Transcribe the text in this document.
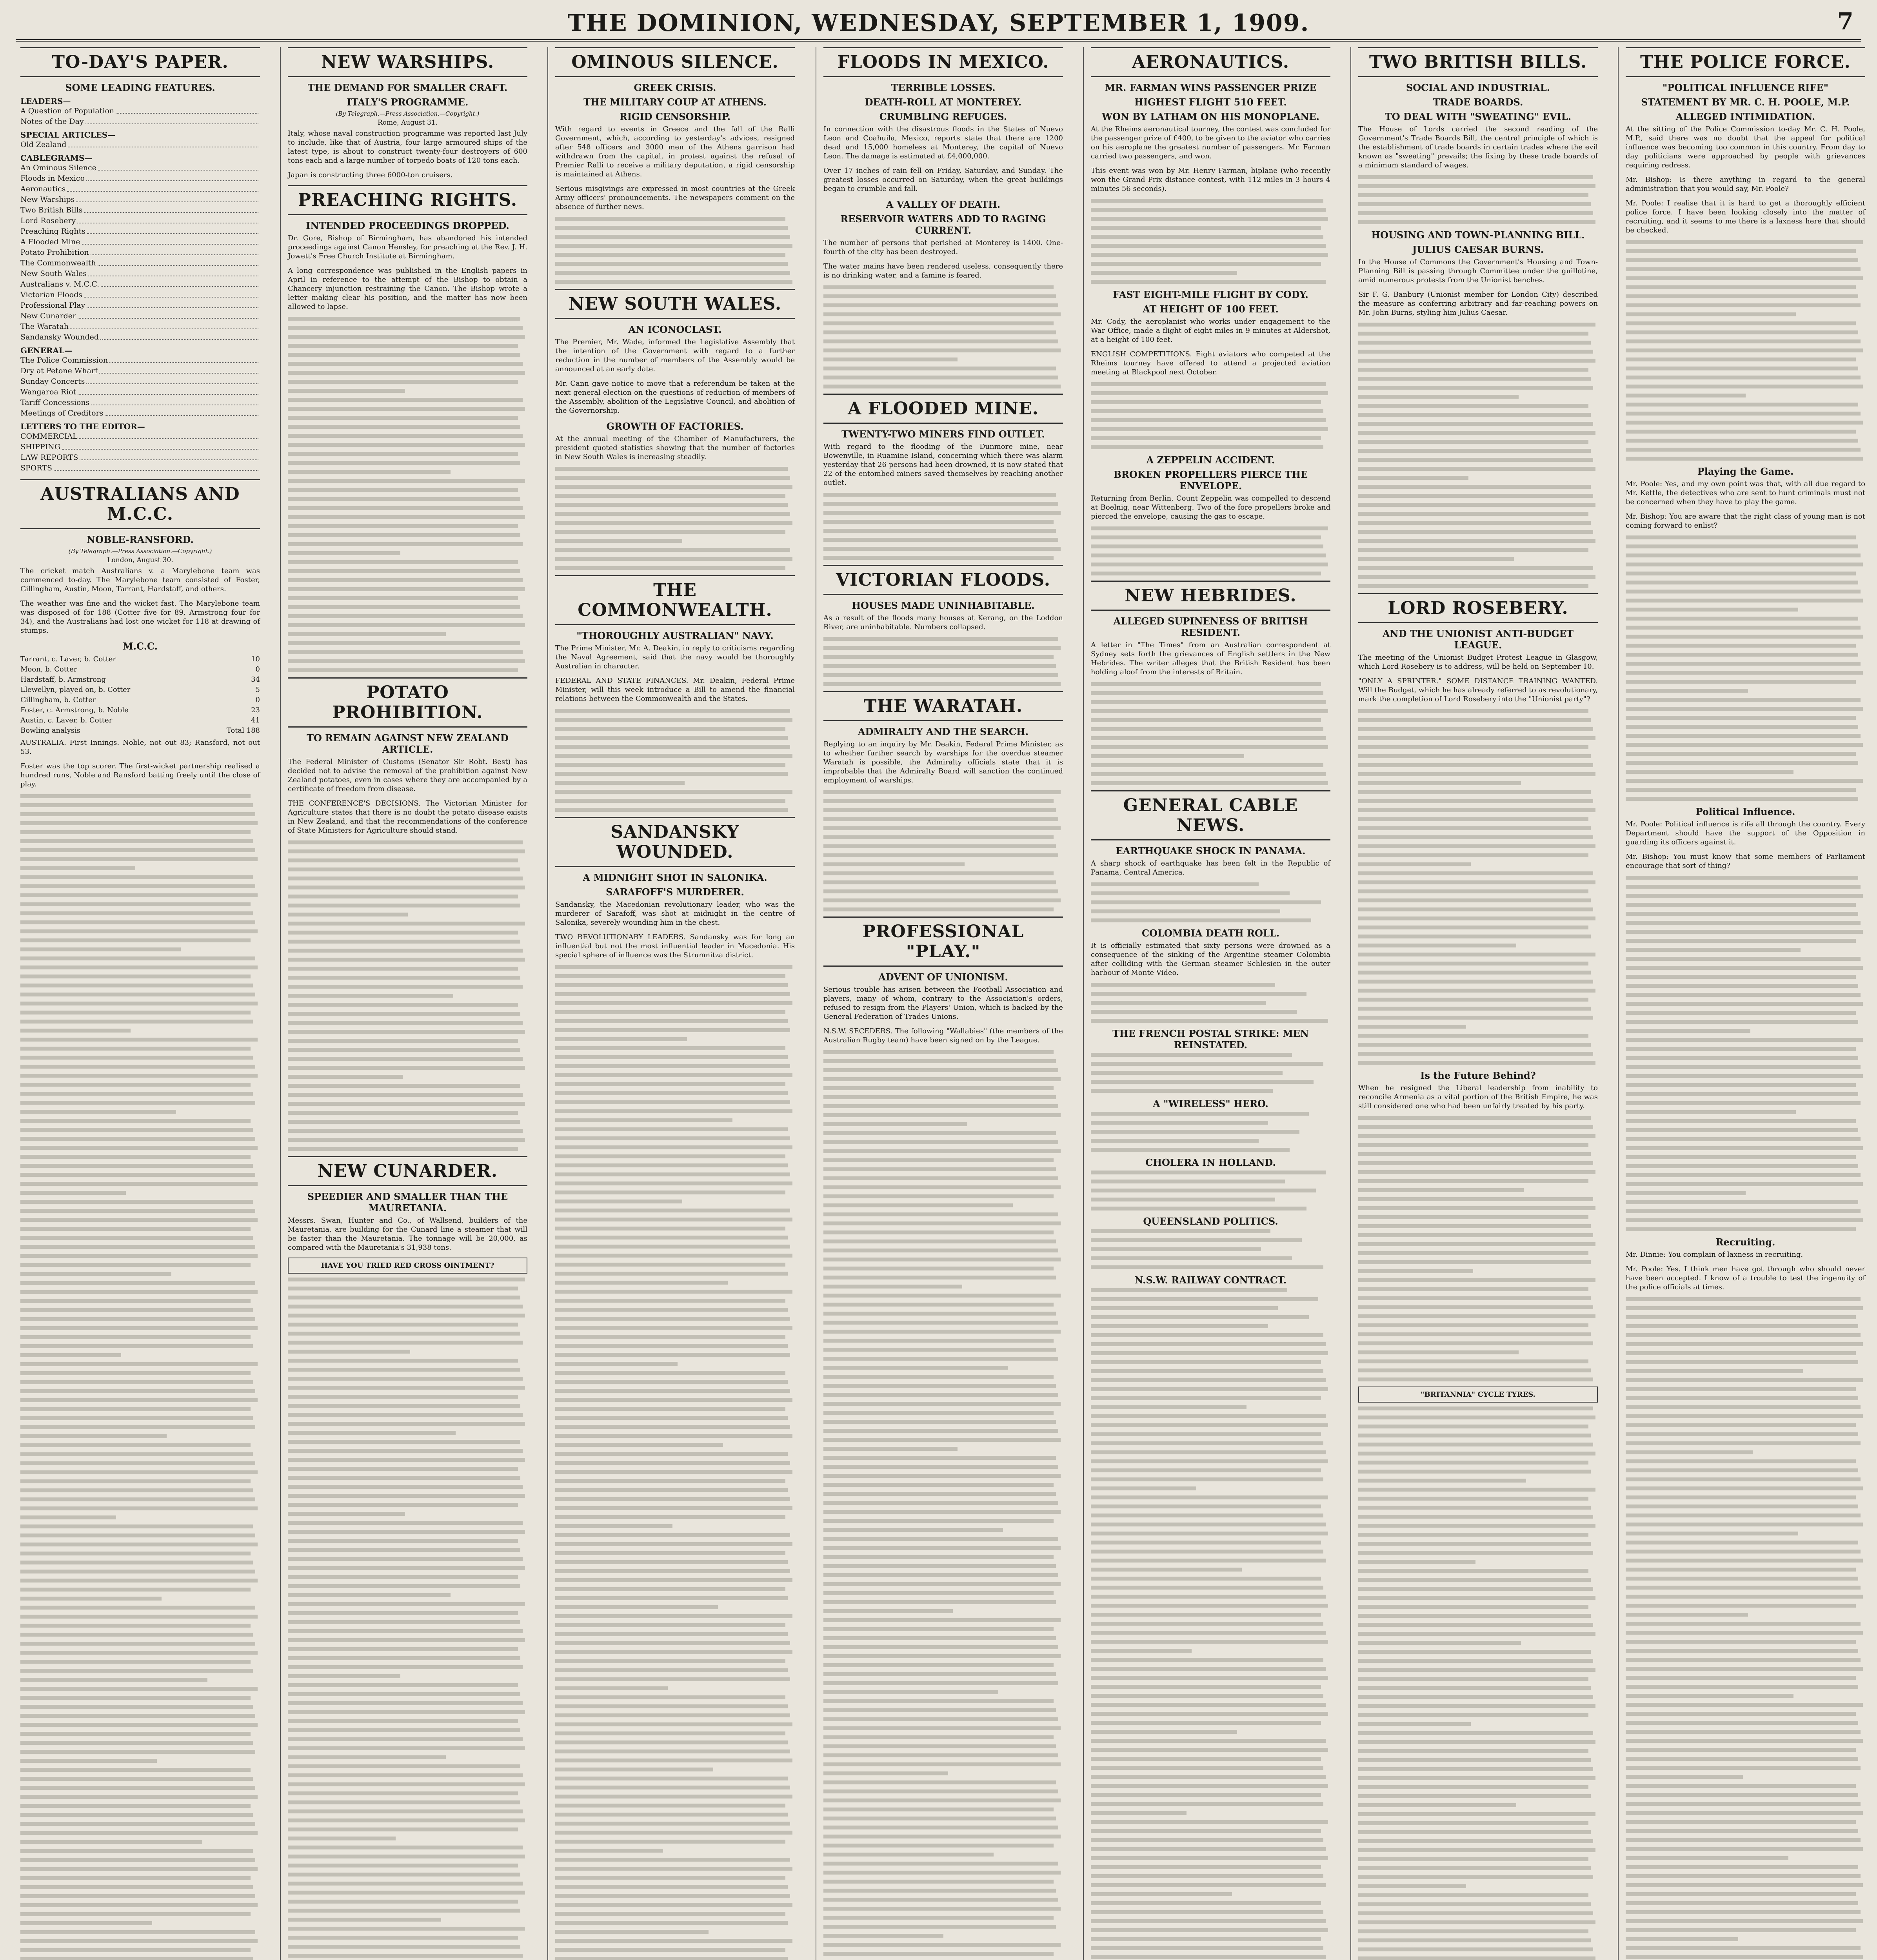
THE DOMINION, WEDNESDAY, SEPTEMBER 1, 1909.	7
TO-DAY'S PAPER.
SOME LEADING FEATURES.
LEADERS—
A Question of Population
Notes of the Day
SPECIAL ARTICLES—
Old Zealand
CABLEGRAMS—
An Ominous Silence
Floods in Mexico
Aeronautics
New Warships
Two British Bills
Lord Rosebery
Preaching Rights
A Flooded Mine
Potato Prohibition
The Commonwealth
New South Wales
Australians v. M.C.C.
Victorian Floods
Professional Play
New Cunarder
The Waratah
Sandansky Wounded
GENERAL—
The Police Commission
Dry at Petone Wharf
Sunday Concerts
Wangaroa Riot
Tariff Concessions
Meetings of Creditors
LETTERS TO THE EDITOR—
COMMERCIAL
SHIPPING
LAW REPORTS
SPORTS
AUSTRALIANS AND M.C.C.
NOBLE-RANSFORD.
(By Telegraph.—Press Association.—Copyright.)
London, August 30.
The cricket match Australians v. a Marylebone team was commenced to-day. The Marylebone team consisted of Foster, Gillingham, Austin, Moon, Tarrant, Hardstaff, and others.
The weather was fine and the wicket fast. The Marylebone team was disposed of for 188 (Cotter five for 89, Armstrong four for 34), and the Australians had lost one wicket for 118 at drawing of stumps.
M.C.C.
Tarrant, c. Laver, b. Cotter	10
Moon, b. Cotter	0
Hardstaff, b. Armstrong	34
Llewellyn, played on, b. Cotter	5
Gillingham, b. Cotter	0
Foster, c. Armstrong, b. Noble	23
Austin, c. Laver, b. Cotter	41
Bowling analysis	Total 188
AUSTRALIA. First Innings. Noble, not out 83; Ransford, not out 53.
Foster was the top scorer. The first-wicket partnership realised a hundred runs, Noble and Ransford batting freely until the close of play.
NEW WARSHIPS.
THE DEMAND FOR SMALLER CRAFT.
ITALY'S PROGRAMME.
(By Telegraph.—Press Association.—Copyright.)
Rome, August 31.
Italy, whose naval construction programme was reported last July to include, like that of Austria, four large armoured ships of the latest type, is about to construct twenty-four destroyers of 600 tons each and a large number of torpedo boats of 120 tons each.
Japan is constructing three 6000-ton cruisers.
PREACHING RIGHTS.
INTENDED PROCEEDINGS DROPPED.
Dr. Gore, Bishop of Birmingham, has abandoned his intended proceedings against Canon Hensley, for preaching at the Rev. J. H. Jowett's Free Church Institute at Birmingham.
A long correspondence was published in the English papers in April in reference to the attempt of the Bishop to obtain a Chancery injunction restraining the Canon. The Bishop wrote a letter making clear his position, and the matter has now been allowed to lapse.
POTATO PROHIBITION.
TO REMAIN AGAINST NEW ZEALAND ARTICLE.
The Federal Minister of Customs (Senator Sir Robt. Best) has decided not to advise the removal of the prohibition against New Zealand potatoes, even in cases where they are accompanied by a certificate of freedom from disease.
THE CONFERENCE'S DECISIONS. The Victorian Minister for Agriculture states that there is no doubt the potato disease exists in New Zealand, and that the recommendations of the conference of State Ministers for Agriculture should stand.
NEW CUNARDER.
SPEEDIER AND SMALLER THAN THE MAURETANIA.
Messrs. Swan, Hunter and Co., of Wallsend, builders of the Mauretania, are building for the Cunard line a steamer that will be faster than the Mauretania. The tonnage will be 20,000, as compared with the Mauretania's 31,938 tons.
HAVE YOU TRIED RED CROSS OINTMENT?
OMINOUS SILENCE.
GREEK CRISIS.
THE MILITARY COUP AT ATHENS.
RIGID CENSORSHIP.
With regard to events in Greece and the fall of the Ralli Government, which, according to yesterday's advices, resigned after 548 officers and 3000 men of the Athens garrison had withdrawn from the capital, in protest against the refusal of Premier Ralli to receive a military deputation, a rigid censorship is maintained at Athens.
Serious misgivings are expressed in most countries at the Greek Army officers' pronouncements. The newspapers comment on the absence of further news.
NEW SOUTH WALES.
AN ICONOCLAST.
The Premier, Mr. Wade, informed the Legislative Assembly that the intention of the Government with regard to a further reduction in the number of members of the Assembly would be announced at an early date.
Mr. Cann gave notice to move that a referendum be taken at the next general election on the questions of reduction of members of the Assembly, abolition of the Legislative Council, and abolition of the Governorship.
GROWTH OF FACTORIES.
At the annual meeting of the Chamber of Manufacturers, the president quoted statistics showing that the number of factories in New South Wales is increasing steadily.
THE COMMONWEALTH.
"THOROUGHLY AUSTRALIAN" NAVY.
The Prime Minister, Mr. A. Deakin, in reply to criticisms regarding the Naval Agreement, said that the navy would be thoroughly Australian in character.
FEDERAL AND STATE FINANCES. Mr. Deakin, Federal Prime Minister, will this week introduce a Bill to amend the financial relations between the Commonwealth and the States.
SANDANSKY WOUNDED.
A MIDNIGHT SHOT IN SALONIKA.
SARAFOFF'S MURDERER.
Sandansky, the Macedonian revolutionary leader, who was the murderer of Sarafoff, was shot at midnight in the centre of Salonika, severely wounding him in the chest.
TWO REVOLUTIONARY LEADERS. Sandansky was for long an influential but not the most influential leader in Macedonia. His special sphere of influence was the Strumnitza district.
FLOODS IN MEXICO.
TERRIBLE LOSSES.
DEATH-ROLL AT MONTEREY.
CRUMBLING REFUGES.
In connection with the disastrous floods in the States of Nuevo Leon and Coahuila, Mexico, reports state that there are 1200 dead and 15,000 homeless at Monterey, the capital of Nuevo Leon. The damage is estimated at £4,000,000.
Over 17 inches of rain fell on Friday, Saturday, and Sunday. The greatest losses occurred on Saturday, when the great buildings began to crumble and fall.
A VALLEY OF DEATH.
RESERVOIR WATERS ADD TO RAGING CURRENT.
The number of persons that perished at Monterey is 1400. One-fourth of the city has been destroyed.
The water mains have been rendered useless, consequently there is no drinking water, and a famine is feared.
A FLOODED MINE.
TWENTY-TWO MINERS FIND OUTLET.
With regard to the flooding of the Dunmore mine, near Bowenville, in Ruamine Island, concerning which there was alarm yesterday that 26 persons had been drowned, it is now stated that 22 of the entombed miners saved themselves by reaching another outlet.
VICTORIAN FLOODS.
HOUSES MADE UNINHABITABLE.
As a result of the floods many houses at Kerang, on the Loddon River, are uninhabitable. Numbers collapsed.
THE WARATAH.
ADMIRALTY AND THE SEARCH.
Replying to an inquiry by Mr. Deakin, Federal Prime Minister, as to whether further search by warships for the overdue steamer Waratah is possible, the Admiralty officials state that it is improbable that the Admiralty Board will sanction the continued employment of warships.
PROFESSIONAL "PLAY."
ADVENT OF UNIONISM.
Serious trouble has arisen between the Football Association and players, many of whom, contrary to the Association's orders, refused to resign from the Players' Union, which is backed by the General Federation of Trades Unions.
N.S.W. SECEDERS. The following "Wallabies" (the members of the Australian Rugby team) have been signed on by the League.
AERONAUTICS.
MR. FARMAN WINS PASSENGER PRIZE
HIGHEST FLIGHT 510 FEET.
WON BY LATHAM ON HIS MONOPLANE.
At the Rheims aeronautical tourney, the contest was concluded for the passenger prize of £400, to be given to the aviator who carries on his aeroplane the greatest number of passengers. Mr. Farman carried two passengers, and won.
This event was won by Mr. Henry Farman, biplane (who recently won the Grand Prix distance contest, with 112 miles in 3 hours 4 minutes 56 seconds).
FAST EIGHT-MILE FLIGHT BY CODY.
AT HEIGHT OF 100 FEET.
Mr. Cody, the aeroplanist who works under engagement to the War Office, made a flight of eight miles in 9 minutes at Aldershot, at a height of 100 feet.
ENGLISH COMPETITIONS. Eight aviators who competed at the Rheims tourney have offered to attend a projected aviation meeting at Blackpool next October.
A ZEPPELIN ACCIDENT.
BROKEN PROPELLERS PIERCE THE ENVELOPE.
Returning from Berlin, Count Zeppelin was compelled to descend at Boelnig, near Wittenberg. Two of the fore propellers broke and pierced the envelope, causing the gas to escape.
NEW HEBRIDES.
ALLEGED SUPINENESS OF BRITISH RESIDENT.
A letter in "The Times" from an Australian correspondent at Sydney sets forth the grievances of English settlers in the New Hebrides. The writer alleges that the British Resident has been holding aloof from the interests of Britain.
GENERAL CABLE NEWS.
EARTHQUAKE SHOCK IN PANAMA.
A sharp shock of earthquake has been felt in the Republic of Panama, Central America.
COLOMBIA DEATH ROLL.
It is officially estimated that sixty persons were drowned as a consequence of the sinking of the Argentine steamer Colombia after colliding with the German steamer Schlesien in the outer harbour of Monte Video.
THE FRENCH POSTAL STRIKE: MEN REINSTATED.
A "WIRELESS" HERO.
CHOLERA IN HOLLAND.
QUEENSLAND POLITICS.
N.S.W. RAILWAY CONTRACT.
TWO BRITISH BILLS.
SOCIAL AND INDUSTRIAL.
TRADE BOARDS.
TO DEAL WITH "SWEATING" EVIL.
The House of Lords carried the second reading of the Government's Trade Boards Bill, the central principle of which is the establishment of trade boards in certain trades where the evil known as "sweating" prevails; the fixing by these trade boards of a minimum standard of wages.
HOUSING AND TOWN-PLANNING BILL.
JULIUS CAESAR BURNS.
In the House of Commons the Government's Housing and Town-Planning Bill is passing through Committee under the guillotine, amid numerous protests from the Unionist benches.
Sir F. G. Banbury (Unionist member for London City) described the measure as conferring arbitrary and far-reaching powers on Mr. John Burns, styling him Julius Caesar.
LORD ROSEBERY.
AND THE UNIONIST ANTI-BUDGET LEAGUE.
The meeting of the Unionist Budget Protest League in Glasgow, which Lord Rosebery is to address, will be held on September 10.
"ONLY A SPRINTER." SOME DISTANCE TRAINING WANTED. Will the Budget, which he has already referred to as revolutionary, mark the completion of Lord Rosebery into the "Unionist party"?
Is the Future Behind?
When he resigned the Liberal leadership from inability to reconcile Armenia as a vital portion of the British Empire, he was still considered one who had been unfairly treated by his party.
"BRITANNIA" CYCLE TYRES.
THE POLICE FORCE.
"POLITICAL INFLUENCE RIFE"
STATEMENT BY MR. C. H. POOLE, M.P.
ALLEGED INTIMIDATION.
At the sitting of the Police Commission to-day Mr. C. H. Poole, M.P., said there was no doubt that the appeal for political influence was becoming too common in this country. From day to day politicians were approached by people with grievances requiring redress.
Mr. Bishop: Is there anything in regard to the general administration that you would say, Mr. Poole?
Mr. Poole: I realise that it is hard to get a thoroughly efficient police force. I have been looking closely into the matter of recruiting, and it seems to me there is a laxness here that should be checked.
Playing the Game.
Mr. Poole: Yes, and my own point was that, with all due regard to Mr. Kettle, the detectives who are sent to hunt criminals must not be concerned when they have to play the game.
Mr. Bishop: You are aware that the right class of young man is not coming forward to enlist?
Political Influence.
Mr. Poole: Political influence is rife all through the country. Every Department should have the support of the Opposition in guarding its officers against it.
Mr. Bishop: You must know that some members of Parliament encourage that sort of thing?
Recruiting.
Mr. Dinnie: You complain of laxness in recruiting.
Mr. Poole: Yes. I think men have got through who should never have been accepted. I know of a trouble to test the ingenuity of the police officials at times.
